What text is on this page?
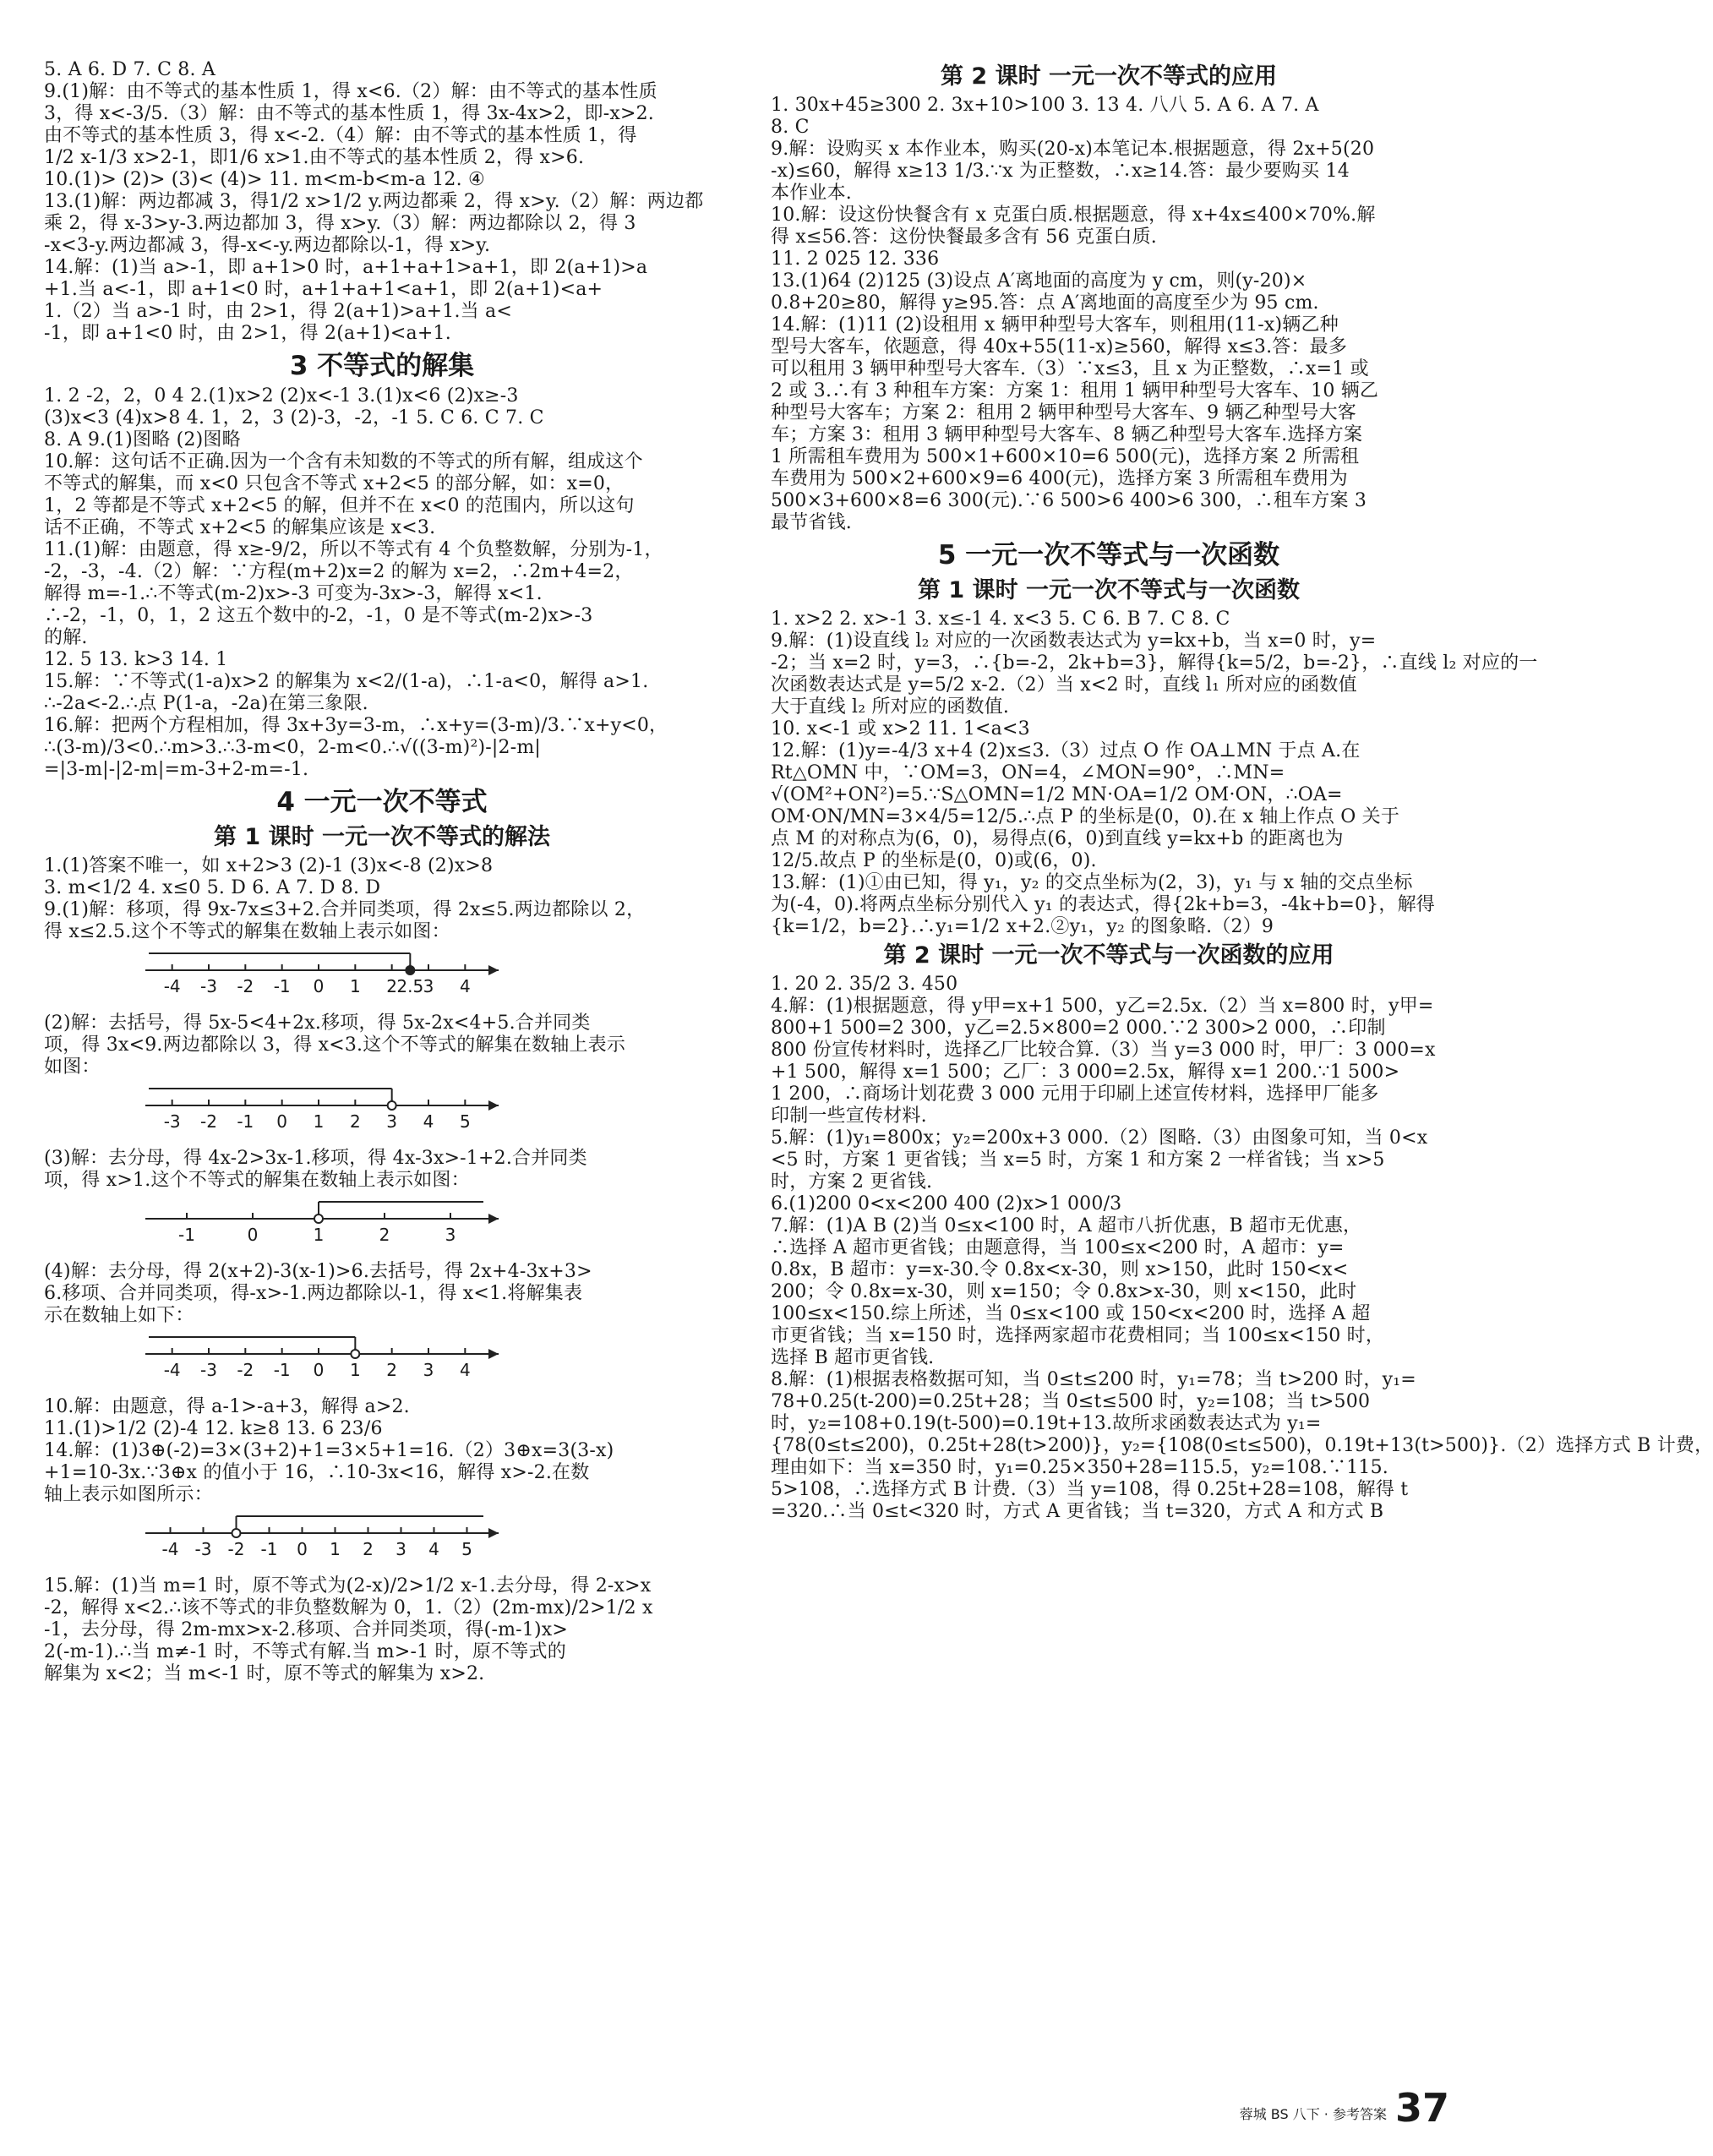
5. A 6. D 7. C 8. A
9.(1)解：由不等式的基本性质 1，得 x<6.（2）解：由不等式的基本性质
3，得 x<-3/5.（3）解：由不等式的基本性质 1，得 3x-4x>2，即-x>2.
由不等式的基本性质 3，得 x<-2.（4）解：由不等式的基本性质 1，得
1/2 x-1/3 x>2-1，即1/6 x>1.由不等式的基本性质 2，得 x>6.
10.(1)> (2)> (3)< (4)> 11. m<m-b<m-a 12. ④
13.(1)解：两边都减 3，得1/2 x>1/2 y.两边都乘 2，得 x>y.（2）解：两边都
乘 2，得 x-3>y-3.两边都加 3，得 x>y.（3）解：两边都除以 2，得 3
-x<3-y.两边都减 3，得-x<-y.两边都除以-1，得 x>y.
14.解：(1)当 a>-1，即 a+1>0 时，a+1+a+1>a+1，即 2(a+1)>a
+1.当 a<-1，即 a+1<0 时，a+1+a+1<a+1，即 2(a+1)<a+
1.（2）当 a>-1 时，由 2>1，得 2(a+1)>a+1.当 a<
-1，即 a+1<0 时，由 2>1，得 2(a+1)<a+1.
3 不等式的解集
1. 2 -2，2，0 4 2.(1)x>2 (2)x<-1 3.(1)x<6 (2)x≥-3
(3)x<3 (4)x>8 4. 1，2，3 (2)-3，-2，-1 5. C 6. C 7. C
8. A 9.(1)图略 (2)图略
10.解：这句话不正确.因为一个含有未知数的不等式的所有解，组成这个
不等式的解集，而 x<0 只包含不等式 x+2<5 的部分解，如：x=0，
1，2 等都是不等式 x+2<5 的解，但并不在 x<0 的范围内，所以这句
话不正确，不等式 x+2<5 的解集应该是 x<3.
11.(1)解：由题意，得 x≥-9/2，所以不等式有 4 个负整数解，分别为-1，
-2，-3，-4.（2）解：∵方程(m+2)x=2 的解为 x=2，∴2m+4=2，
解得 m=-1.∴不等式(m-2)x>-3 可变为-3x>-3，解得 x<1.
∴-2，-1，0，1，2 这五个数中的-2，-1，0 是不等式(m-2)x>-3
的解.
12. 5 13. k>3 14. 1
15.解：∵不等式(1-a)x>2 的解集为 x<2/(1-a)，∴1-a<0，解得 a>1.
∴-2a<-2.∴点 P(1-a，-2a)在第三象限.
16.解：把两个方程相加，得 3x+3y=3-m，∴x+y=(3-m)/3.∵x+y<0，
∴(3-m)/3<0.∴m>3.∴3-m<0，2-m<0.∴√((3-m)²)-|2-m|
=|3-m|-|2-m|=m-3+2-m=-1.
4 一元一次不等式
第 1 课时 一元一次不等式的解法
1.(1)答案不唯一，如 x+2>3 (2)-1 (3)x<-8 (2)x>8
3. m<1/2 4. x≤0 5. D 6. A 7. D 8. D
9.(1)解：移项，得 9x-7x≤3+2.合并同类项，得 2x≤5.两边都除以 2，
得 x≤2.5.这个不等式的解集在数轴上表示如图：
-4 -3 -2 -1 0 1 2 2.5 3 4
(2)解：去括号，得 5x-5<4+2x.移项，得 5x-2x<4+5.合并同类
项，得 3x<9.两边都除以 3，得 x<3.这个不等式的解集在数轴上表示
如图：
-3 -2 -1 0 1 2 3 4 5
(3)解：去分母，得 4x-2>3x-1.移项，得 4x-3x>-1+2.合并同类
项，得 x>1.这个不等式的解集在数轴上表示如图：
-1	0	1	2	3
(4)解：去分母，得 2(x+2)-3(x-1)>6.去括号，得 2x+4-3x+3>
6.移项、合并同类项，得-x>-1.两边都除以-1，得 x<1.将解集表
示在数轴上如下：
-4 -3 -2 -1 0 1 2 3 4
10.解：由题意，得 a-1>-a+3，解得 a>2.
11.(1)>1/2 (2)-4 12. k≥8 13. 6 23/6
14.解：(1)3⊕(-2)=3×(3+2)+1=3×5+1=16.（2）3⊕x=3(3-x)
+1=10-3x.∵3⊕x 的值小于 16，∴10-3x<16，解得 x>-2.在数
轴上表示如图所示：
-4 -3 -2 -1 0 1 2 3 4 5
15.解：(1)当 m=1 时，原不等式为(2-x)/2>1/2 x-1.去分母，得 2-x>x
-2，解得 x<2.∴该不等式的非负整数解为 0，1.（2）(2m-mx)/2>1/2 x
-1，去分母，得 2m-mx>x-2.移项、合并同类项，得(-m-1)x>
2(-m-1).∴当 m≠-1 时，不等式有解.当 m>-1 时，原不等式的
解集为 x<2；当 m<-1 时，原不等式的解集为 x>2.
第 2 课时 一元一次不等式的应用
1. 30x+45≥300 2. 3x+10>100 3. 13 4. 八八 5. A 6. A 7. A
8. C
9.解：设购买 x 本作业本，购买(20-x)本笔记本.根据题意，得 2x+5(20
-x)≤60，解得 x≥13 1/3.∵x 为正整数，∴x≥14.答：最少要购买 14
本作业本.
10.解：设这份快餐含有 x 克蛋白质.根据题意，得 x+4x≤400×70%.解
得 x≤56.答：这份快餐最多含有 56 克蛋白质.
11. 2 025 12. 336
13.(1)64 (2)125 (3)设点 A′离地面的高度为 y cm，则(y-20)×
0.8+20≥80，解得 y≥95.答：点 A′离地面的高度至少为 95 cm.
14.解：(1)11 (2)设租用 x 辆甲种型号大客车，则租用(11-x)辆乙种
型号大客车，依题意，得 40x+55(11-x)≥560，解得 x≤3.答：最多
可以租用 3 辆甲种型号大客车.（3）∵x≤3，且 x 为正整数，∴x=1 或
2 或 3.∴有 3 种租车方案：方案 1：租用 1 辆甲种型号大客车、10 辆乙
种型号大客车；方案 2：租用 2 辆甲种型号大客车、9 辆乙种型号大客
车；方案 3：租用 3 辆甲种型号大客车、8 辆乙种型号大客车.选择方案
1 所需租车费用为 500×1+600×10=6 500(元)，选择方案 2 所需租
车费用为 500×2+600×9=6 400(元)，选择方案 3 所需租车费用为
500×3+600×8=6 300(元).∵6 500>6 400>6 300，∴租车方案 3
最节省钱.
5 一元一次不等式与一次函数
第 1 课时 一元一次不等式与一次函数
1. x>2 2. x>-1 3. x≤-1 4. x<3 5. C 6. B 7. C 8. C
9.解：(1)设直线 l₂ 对应的一次函数表达式为 y=kx+b，当 x=0 时，y=
-2；当 x=2 时，y=3，∴{b=-2，2k+b=3}，解得{k=5/2，b=-2}，∴直线 l₂ 对应的一
次函数表达式是 y=5/2 x-2.（2）当 x<2 时，直线 l₁ 所对应的函数值
大于直线 l₂ 所对应的函数值.
10. x<-1 或 x>2 11. 1<a<3
12.解：(1)y=-4/3 x+4 (2)x≤3.（3）过点 O 作 OA⊥MN 于点 A.在
Rt△OMN 中，∵OM=3，ON=4，∠MON=90°，∴MN=
√(OM²+ON²)=5.∵S△OMN=1/2 MN·OA=1/2 OM·ON，∴OA=
OM·ON/MN=3×4/5=12/5.∴点 P 的坐标是(0，0).在 x 轴上作点 O 关于
点 M 的对称点为(6，0)，易得点(6，0)到直线 y=kx+b 的距离也为
12/5.故点 P 的坐标是(0，0)或(6，0).
13.解：(1)①由已知，得 y₁，y₂ 的交点坐标为(2，3)，y₁ 与 x 轴的交点坐标
为(-4，0).将两点坐标分别代入 y₁ 的表达式，得{2k+b=3，-4k+b=0}，解得
{k=1/2，b=2}.∴y₁=1/2 x+2.②y₁，y₂ 的图象略.（2）9
第 2 课时 一元一次不等式与一次函数的应用
1. 20 2. 35/2 3. 450
4.解：(1)根据题意，得 y甲=x+1 500，y乙=2.5x.（2）当 x=800 时，y甲=
800+1 500=2 300，y乙=2.5×800=2 000.∵2 300>2 000，∴印制
800 份宣传材料时，选择乙厂比较合算.（3）当 y=3 000 时，甲厂：3 000=x
+1 500，解得 x=1 500；乙厂：3 000=2.5x，解得 x=1 200.∵1 500>
1 200，∴商场计划花费 3 000 元用于印刷上述宣传材料，选择甲厂能多
印制一些宣传材料.
5.解：(1)y₁=800x；y₂=200x+3 000.（2）图略.（3）由图象可知，当 0<x
<5 时，方案 1 更省钱；当 x=5 时，方案 1 和方案 2 一样省钱；当 x>5
时，方案 2 更省钱.
6.(1)200 0<x<200 400 (2)x>1 000/3
7.解：(1)A B (2)当 0≤x<100 时，A 超市八折优惠，B 超市无优惠，
∴选择 A 超市更省钱；由题意得，当 100≤x<200 时，A 超市：y=
0.8x，B 超市：y=x-30.令 0.8x<x-30，则 x>150，此时 150<x<
200；令 0.8x=x-30，则 x=150；令 0.8x>x-30，则 x<150，此时
100≤x<150.综上所述，当 0≤x<100 或 150<x<200 时，选择 A 超
市更省钱；当 x=150 时，选择两家超市花费相同；当 100≤x<150 时，
选择 B 超市更省钱.
8.解：(1)根据表格数据可知，当 0≤t≤200 时，y₁=78；当 t>200 时，y₁=
78+0.25(t-200)=0.25t+28；当 0≤t≤500 时，y₂=108；当 t>500
时，y₂=108+0.19(t-500)=0.19t+13.故所求函数表达式为 y₁=
{78(0≤t≤200)，0.25t+28(t>200)}，y₂={108(0≤t≤500)，0.19t+13(t>500)}.（2）选择方式 B 计费，
理由如下：当 x=350 时，y₁=0.25×350+28=115.5，y₂=108.∵115.
5>108，∴选择方式 B 计费.（3）当 y=108，得 0.25t+28=108，解得 t
=320.∴当 0≤t<320 时，方式 A 更省钱；当 t=320，方式 A 和方式 B
蓉城 BS 八下 · 参考答案 37
